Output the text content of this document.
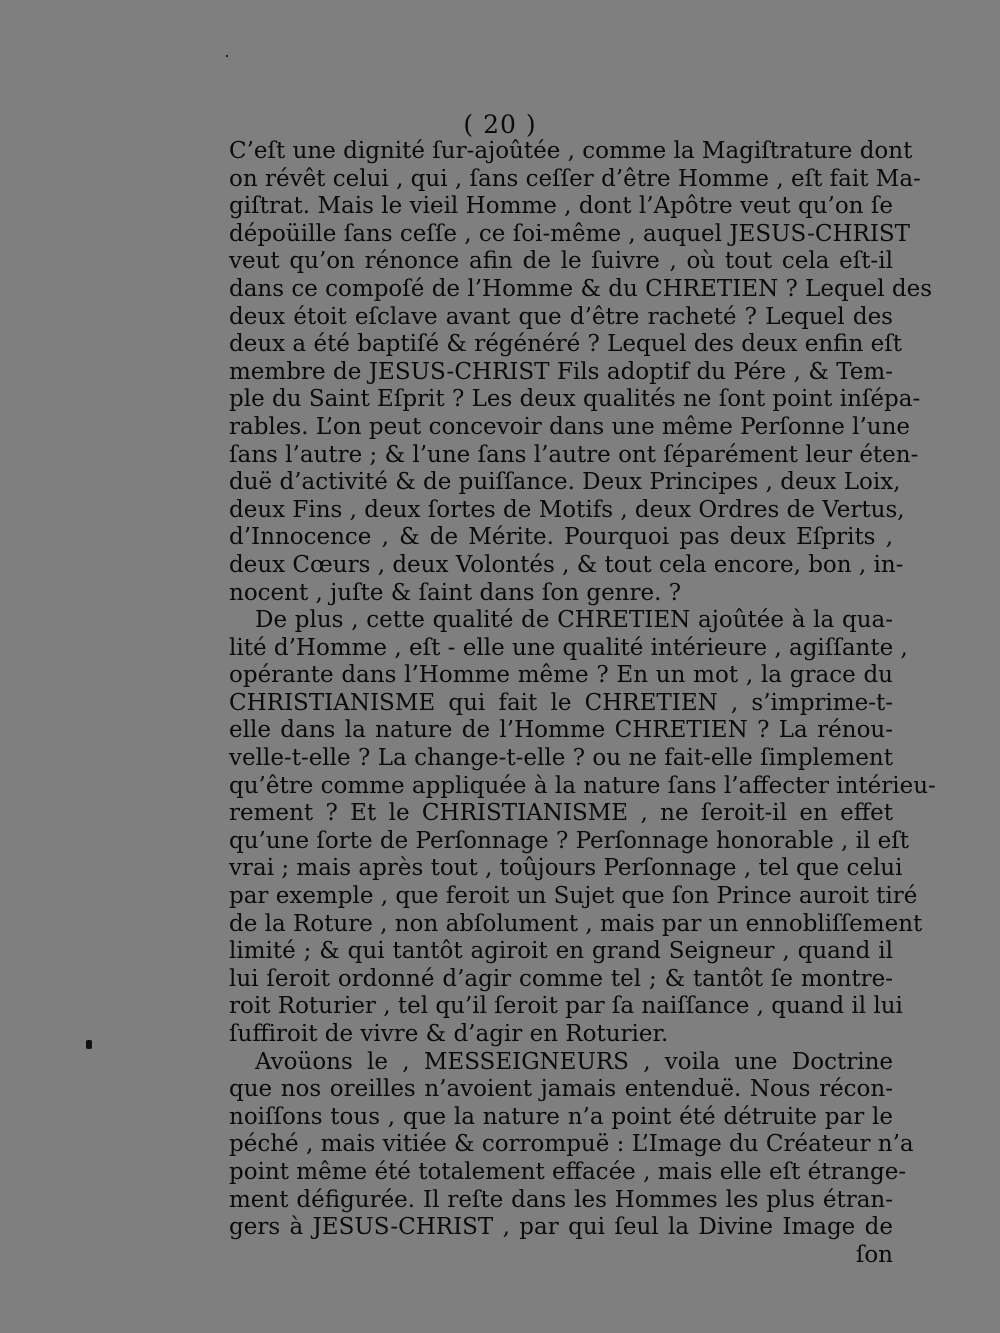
( 20 )
C’eſt une dignité ſur-ajoûtée , comme la Magiſtrature dont
on révêt celui , qui , ſans ceſſer d’être Homme , eſt fait Ma-
giſtrat. Mais le vieil Homme , dont l’Apôtre veut qu’on ſe
dépoüille ſans ceſſe , ce ſoi-même , auquel JESUS-CHRIST
veut qu’on rénonce afin de le ſuivre , où tout cela eſt-il
dans ce compoſé de l’Homme & du CHRETIEN ? Lequel des
deux étoit eſclave avant que d’être racheté ? Lequel des
deux a été baptiſé & régénéré ? Lequel des deux enfin eſt
membre de JESUS-CHRIST Fils adoptif du Pére , & Tem-
ple du Saint Eſprit ? Les deux qualités ne ſont point inſépa-
rables. L’on peut concevoir dans une même Perſonne l’une
ſans l’autre ; & l’une ſans l’autre ont ſéparément leur éten-
duë d’activité & de puiſſance. Deux Principes , deux Loix,
deux Fins , deux ſortes de Motifs , deux Ordres de Vertus,
d’Innocence , & de Mérite. Pourquoi pas deux Eſprits ,
deux Cœurs , deux Volontés , & tout cela encore, bon , in-
nocent , juſte & ſaint dans ſon genre. ?
De plus , cette qualité de CHRETIEN ajoûtée à la qua-
lité d’Homme , eſt - elle une qualité intérieure , agiſſante ,
opérante dans l’Homme même ? En un mot , la grace du
CHRISTIANISME qui fait le CHRETIEN , s’imprime-t-
elle dans la nature de l’Homme CHRETIEN ? La rénou-
velle-t-elle ? La change-t-elle ? ou ne fait-elle ſimplement
qu’être comme appliquée à la nature ſans l’affecter intérieu-
rement ? Et le CHRISTIANISME , ne ſeroit-il en effet
qu’une ſorte de Perſonnage ? Perſonnage honorable , il eſt
vrai ; mais après tout , toûjours Perſonnage , tel que celui
par exemple , que feroit un Sujet que ſon Prince auroit tiré
de la Roture , non abſolument , mais par un ennobliſſement
limité ; & qui tantôt agiroit en grand Seigneur , quand il
lui ſeroit ordonné d’agir comme tel ; & tantôt ſe montre-
roit Roturier , tel qu’il ſeroit par ſa naiſſance , quand il lui
ſuffiroit de vivre & d’agir en Roturier.
Avoüons le , MESSEIGNEURS , voila une Doctrine
que nos oreilles n’avoient jamais entenduë. Nous récon-
noiſſons tous , que la nature n’a point été détruite par le
péché , mais vitiée & corrompuë : L’Image du Créateur n’a
point même été totalement effacée , mais elle eſt étrange-
ment défigurée. Il reſte dans les Hommes les plus étran-
gers à JESUS-CHRIST , par qui ſeul la Divine Image de
ſon
